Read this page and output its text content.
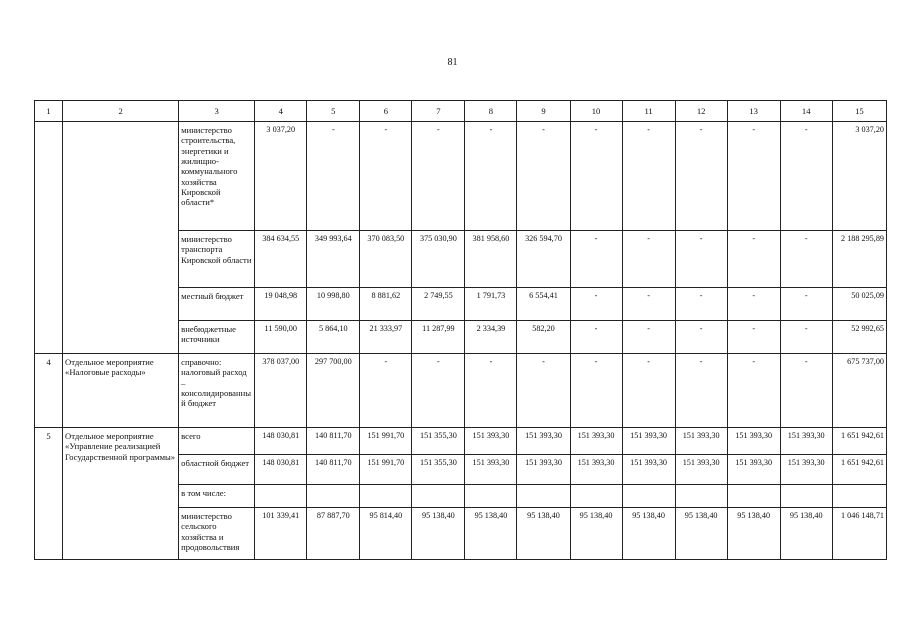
81
1	2	3	4	5	6	7	8	9	10	11	12	13	14	15
		министерство строительства, энергетики и жилищно-коммунального хозяйства Кировской области*	3 037,20	-	-	-	-	-	-	-	-	-	-	3 037,20
		министерство транспорта Кировской области	384 634,55	349 993,64	370 083,50	375 030,90	381 958,60	326 594,70	-	-	-	-	-	2 188 295,89
		местный бюджет	19 048,98	10 998,80	8 881,62	2 749,55	1 791,73	6 554,41	-	-	-	-	-	50 025,09
		внебюджетные источники	11 590,00	5 864,10	21 333,97	11 287,99	2 334,39	582,20	-	-	-	-	-	52 992,65
4	Отдельное мероприятие «Налоговые расходы»	справочно: налоговый расход – консолидированный бюджет	378 037,00	297 700,00	-	-	-	-	-	-	-	-	-	675 737,00
5	Отдельное мероприятие «Управление реализацией Государственной программы»	всего	148 030,81	140 811,70	151 991,70	151 355,30	151 393,30	151 393,30	151 393,30	151 393,30	151 393,30	151 393,30	151 393,30	1 651 942,61
		областной бюджет	148 030,81	140 811,70	151 991,70	151 355,30	151 393,30	151 393,30	151 393,30	151 393,30	151 393,30	151 393,30	151 393,30	1 651 942,61
		в том числе:												
		министерство сельского хозяйства и продовольствия	101 339,41	87 887,70	95 814,40	95 138,40	95 138,40	95 138,40	95 138,40	95 138,40	95 138,40	95 138,40	95 138,40	1 046 148,71
